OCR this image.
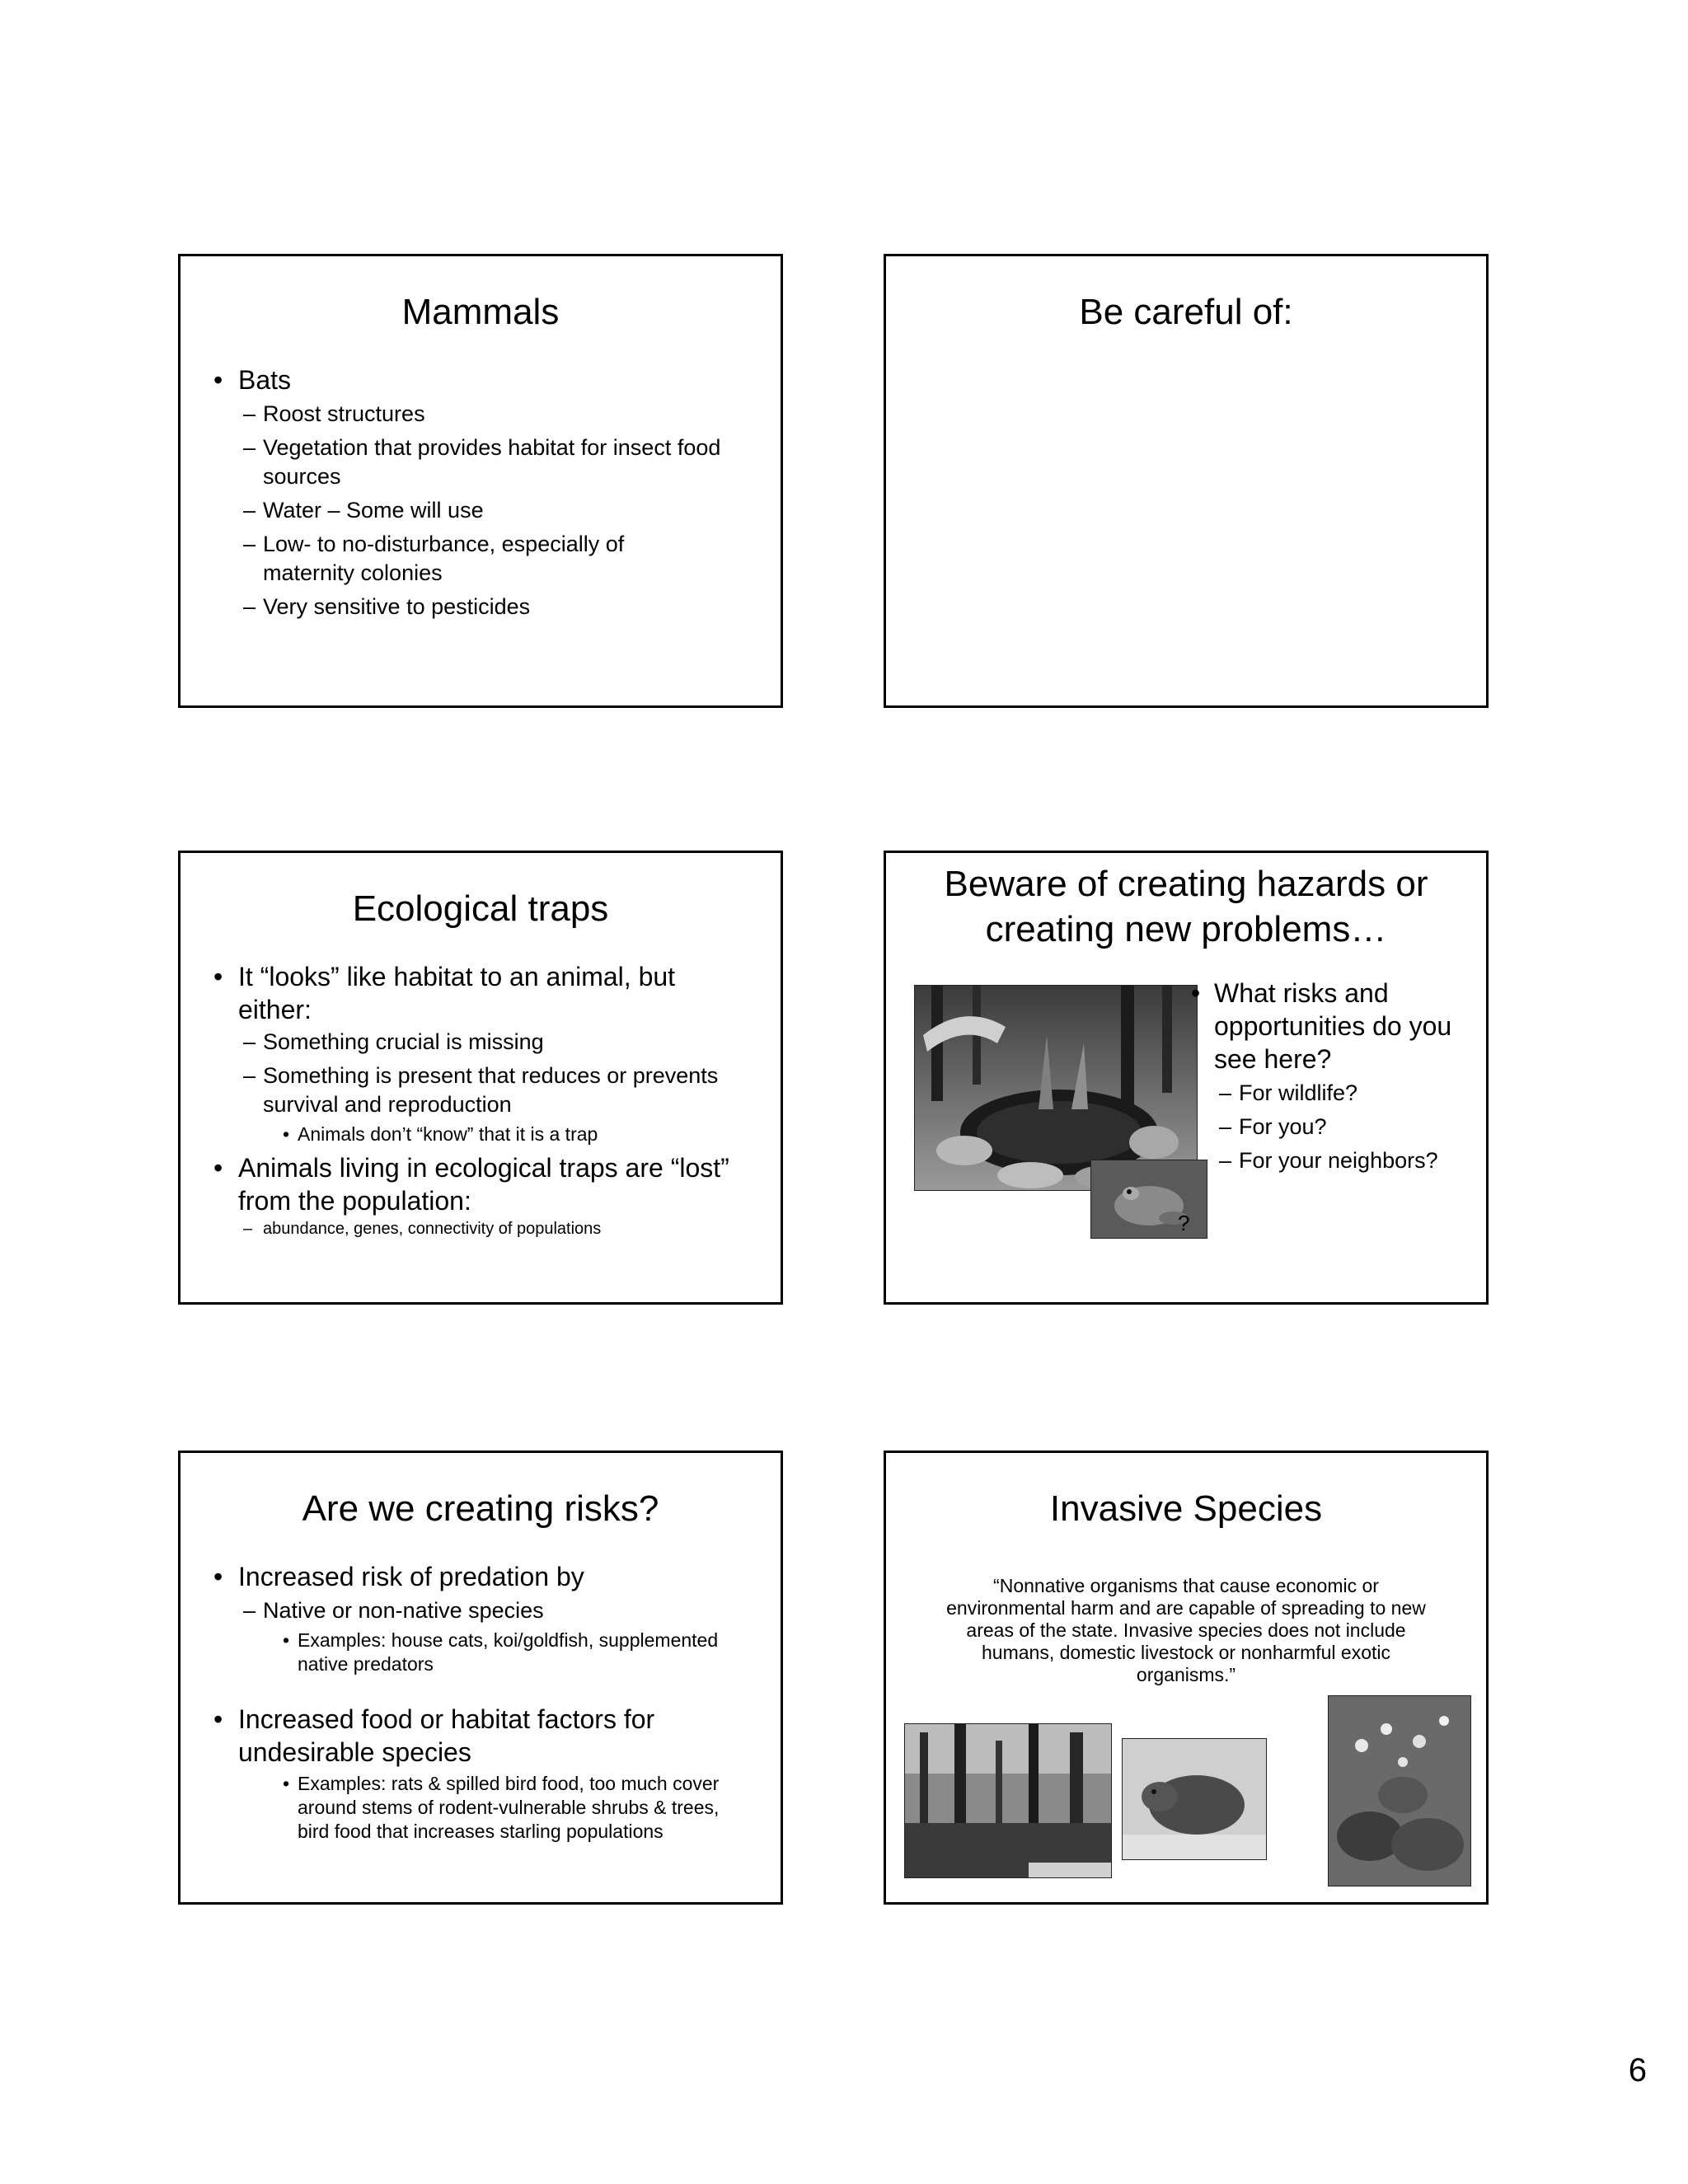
Mammals
• Bats
– Roost structures
– Vegetation that provides habitat for insect food sources
– Water – Some will use
– Low- to no-disturbance, especially of maternity colonies
– Very sensitive to pesticides
Be careful of:
Ecological traps
• It “looks” like habitat to an animal, but either:
– Something crucial is missing
– Something is present that reduces or prevents survival and reproduction
• Animals don’t “know” that it is a trap
• Animals living in ecological traps are “lost” from the population:
– abundance, genes, connectivity of populations
Beware of creating hazards or creating new problems…
?
• What risks and opportunities do you see here?
– For wildlife?
– For you?
– For your neighbors?
Are we creating risks?
• Increased risk of predation by
– Native or non-native species
• Examples: house cats, koi/goldfish, supplemented native predators
• Increased food or habitat factors for undesirable species
• Examples: rats & spilled bird food, too much cover around stems of rodent-vulnerable shrubs & trees, bird food that increases starling populations
Invasive Species
“Nonnative organisms that cause economic or environmental harm and are capable of spreading to new areas of the state. Invasive species does not include humans, domestic livestock or nonharmful exotic organisms.”
6
